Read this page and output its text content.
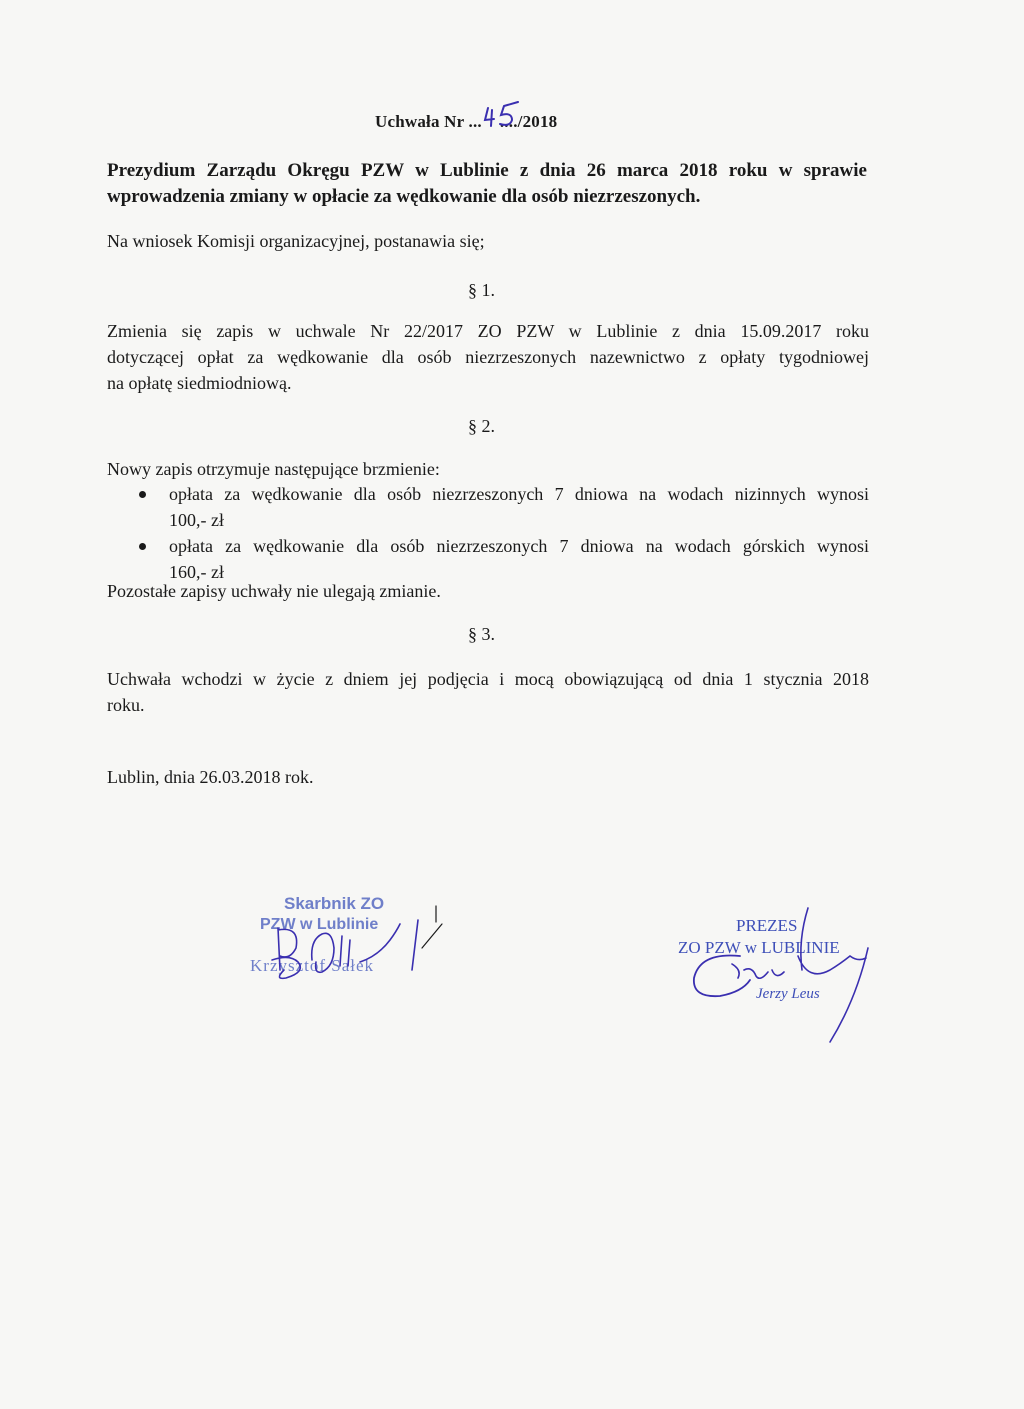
Uchwała Nr ... ..../2018
46
Prezydium Zarządu Okręgu PZW w Lublinie z dnia 26 marca 2018 roku w sprawie
wprowadzenia zmiany w opłacie za wędkowanie dla osób niezrzeszonych.
Na wniosek Komisji organizacyjnej, postanawia się;
§ 1.
Zmienia się zapis w uchwale Nr 22/2017 ZO PZW w Lublinie z dnia 15.09.2017 roku
dotyczącej opłat za wędkowanie dla osób niezrzeszonych nazewnictwo z opłaty tygodniowej
na opłatę siedmiodniową.
§ 2.
Nowy zapis otrzymuje następujące brzmienie:
opłata za wędkowanie dla osób niezrzeszonych 7 dniowa na wodach nizinnych wynosi
100,- zł
opłata za wędkowanie dla osób niezrzeszonych 7 dniowa na wodach górskich wynosi
160,- zł
Pozostałe zapisy uchwały nie ulegają zmianie.
§ 3.
Uchwała wchodzi w życie z dniem jej podjęcia i mocą obowiązującą od dnia 1 stycznia 2018
roku.
Lublin, dnia 26.03.2018 rok.
Skarbnik ZO
PZW w Lublinie
Krzysztof Sałek
PREZES
ZO PZW w LUBLINIE
Jerzy Leus
